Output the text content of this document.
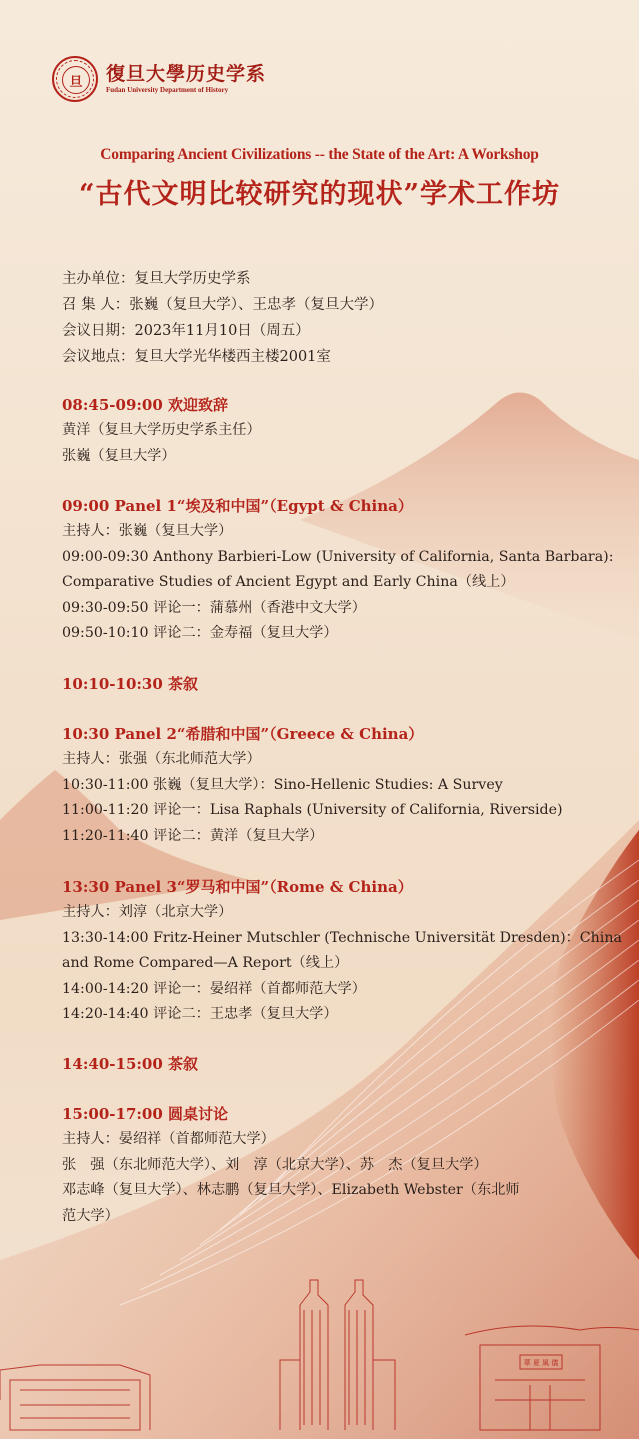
華 夏 風 儀
旦	復旦大學历史学系
Fudan University Department of History
Comparing Ancient Civilizations -- the State of the Art: A Workshop
“古代文明比较研究的现状”学术工作坊
主办单位：复旦大学历史学系
召 集 人：张巍（复旦大学）、王忠孝（复旦大学）
会议日期：2023年11月10日（周五）
会议地点：复旦大学光华楼西主楼2001室
08:45-09:00 欢迎致辞
黄洋（复旦大学历史学系主任）
张巍（复旦大学）
09:00 Panel 1“埃及和中国”（Egypt & China）
主持人：张巍（复旦大学）
09:00-09:30 Anthony Barbieri-Low (University of California, Santa Barbara):
Comparative Studies of Ancient Egypt and Early China（线上）
09:30-09:50 评论一：蒲慕州（香港中文大学）
09:50-10:10 评论二：金寿福（复旦大学）
10:10-10:30 茶叙
10:30 Panel 2“希腊和中国”（Greece & China）
主持人：张强（东北师范大学）
10:30-11:00 张巍（复旦大学）：Sino-Hellenic Studies: A Survey
11:00-11:20 评论一：Lisa Raphals (University of California, Riverside)
11:20-11:40 评论二：黄洋（复旦大学）
13:30 Panel 3“罗马和中国”（Rome & China）
主持人：刘淳（北京大学）
13:30-14:00 Fritz-Heiner Mutschler (Technische Universität Dresden)：China
and Rome Compared—A Report（线上）
14:00-14:20 评论一：晏绍祥（首都师范大学）
14:20-14:40 评论二：王忠孝（复旦大学）
14:40-15:00 茶叙
15:00-17:00 圆桌讨论
主持人：晏绍祥（首都师范大学）
张　强（东北师范大学）、刘　淳（北京大学）、苏　杰（复旦大学）
邓志峰（复旦大学）、林志鹏（复旦大学）、Elizabeth Webster（东北师
范大学）
